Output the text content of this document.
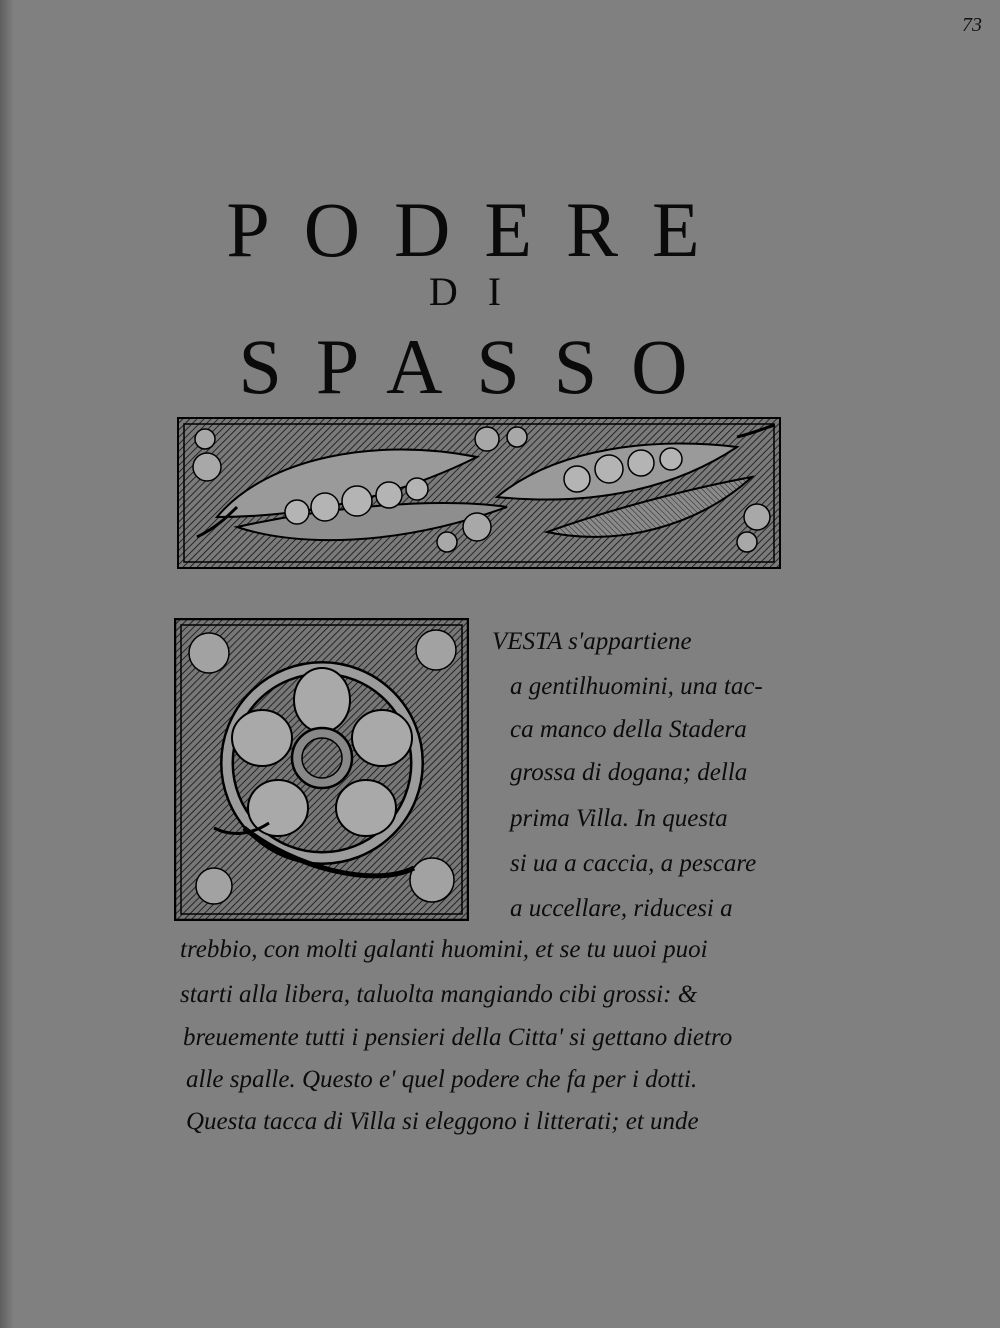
73
PODERE
DI
SPASSO
VESTA s'appartiene
a gentilhuomini, una tac-
ca manco della Stadera
grossa di dogana; della
prima Villa. In questa
si ua a caccia, a pescare
a uccellare, riducesi a
trebbio, con molti galanti huomini, et se tu uuoi puoi
starti alla libera, taluolta mangiando cibi grossi: &
breuemente tutti i pensieri della Citta' si gettano dietro
alle spalle. Questo e' quel podere che fa per i dotti.
Questa tacca di Villa si eleggono i litterati; et unde
